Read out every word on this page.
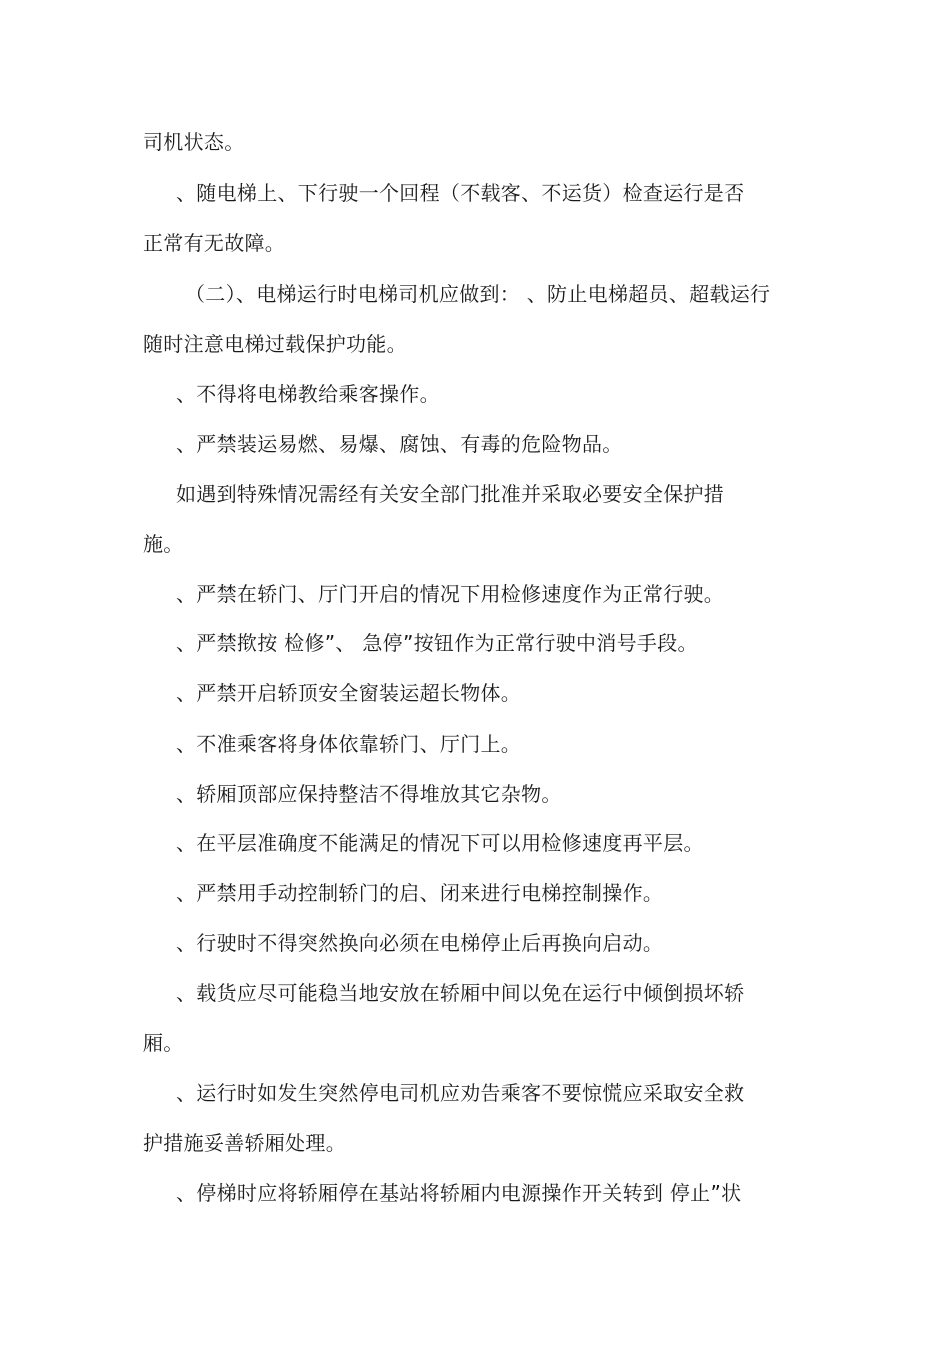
司机状态。
、随电梯上、下行驶一个回程（不载客、不运货）检查运行是否
正常有无故障。
（二）、电梯运行时电梯司机应做到： 、防止电梯超员、超载运行
随时注意电梯过载保护功能。
、不得将电梯教给乘客操作。
、严禁装运易燃、易爆、腐蚀、有毒的危险物品。
如遇到特殊情况需经有关安全部门批准并采取必要安全保护措
施。
、严禁在轿门、厅门开启的情况下用检修速度作为正常行驶。
、严禁揿按 检修”、 急停”按钮作为正常行驶中消号手段。
、严禁开启轿顶安全窗装运超长物体。
、不准乘客将身体依靠轿门、厅门上。
、轿厢顶部应保持整洁不得堆放其它杂物。
、在平层准确度不能满足的情况下可以用检修速度再平层。
、严禁用手动控制轿门的启、闭来进行电梯控制操作。
、行驶时不得突然换向必须在电梯停止后再换向启动。
、载货应尽可能稳当地安放在轿厢中间以免在运行中倾倒损坏轿
厢。
、运行时如发生突然停电司机应劝告乘客不要惊慌应采取安全救
护措施妥善轿厢处理。
、停梯时应将轿厢停在基站将轿厢内电源操作开关转到 停止”状
